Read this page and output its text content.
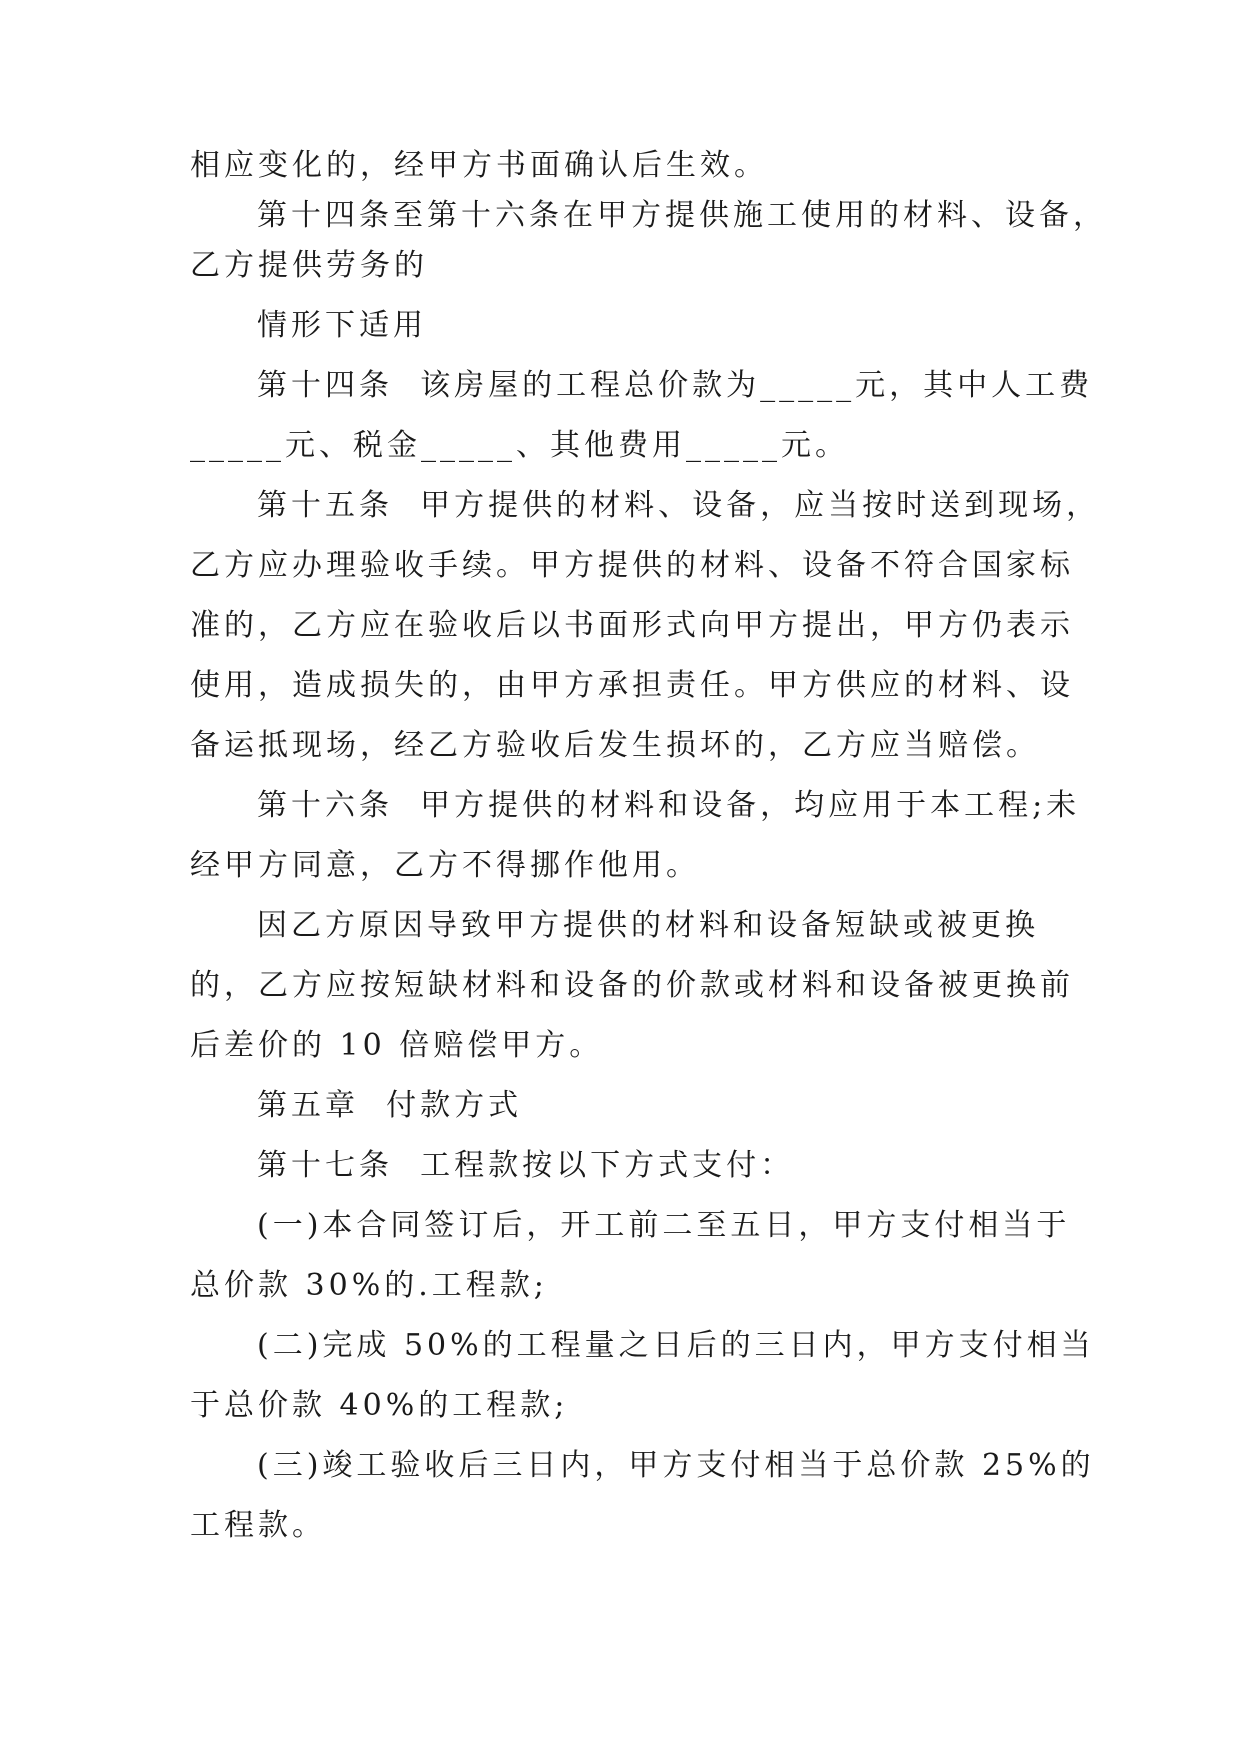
相应变化的，经甲方书面确认后生效。
第十四条至第十六条在甲方提供施工使用的材料、设备，
乙方提供劳务的
情形下适用
第十四条  该房屋的工程总价款为_____元，其中人工费
_____元、税金_____、其他费用_____元。
第十五条  甲方提供的材料、设备，应当按时送到现场，
乙方应办理验收手续。甲方提供的材料、设备不符合国家标
准的，乙方应在验收后以书面形式向甲方提出，甲方仍表示
使用，造成损失的，由甲方承担责任。甲方供应的材料、设
备运抵现场，经乙方验收后发生损坏的，乙方应当赔偿。
第十六条  甲方提供的材料和设备，均应用于本工程;未
经甲方同意，乙方不得挪作他用。
因乙方原因导致甲方提供的材料和设备短缺或被更换
的，乙方应按短缺材料和设备的价款或材料和设备被更换前
后差价的 10 倍赔偿甲方。
第五章  付款方式
第十七条  工程款按以下方式支付：
(一)本合同签订后，开工前二至五日，甲方支付相当于
总价款 30%的.工程款;
(二)完成 50%的工程量之日后的三日内，甲方支付相当
于总价款 40%的工程款;
(三)竣工验收后三日内，甲方支付相当于总价款 25%的
工程款。
